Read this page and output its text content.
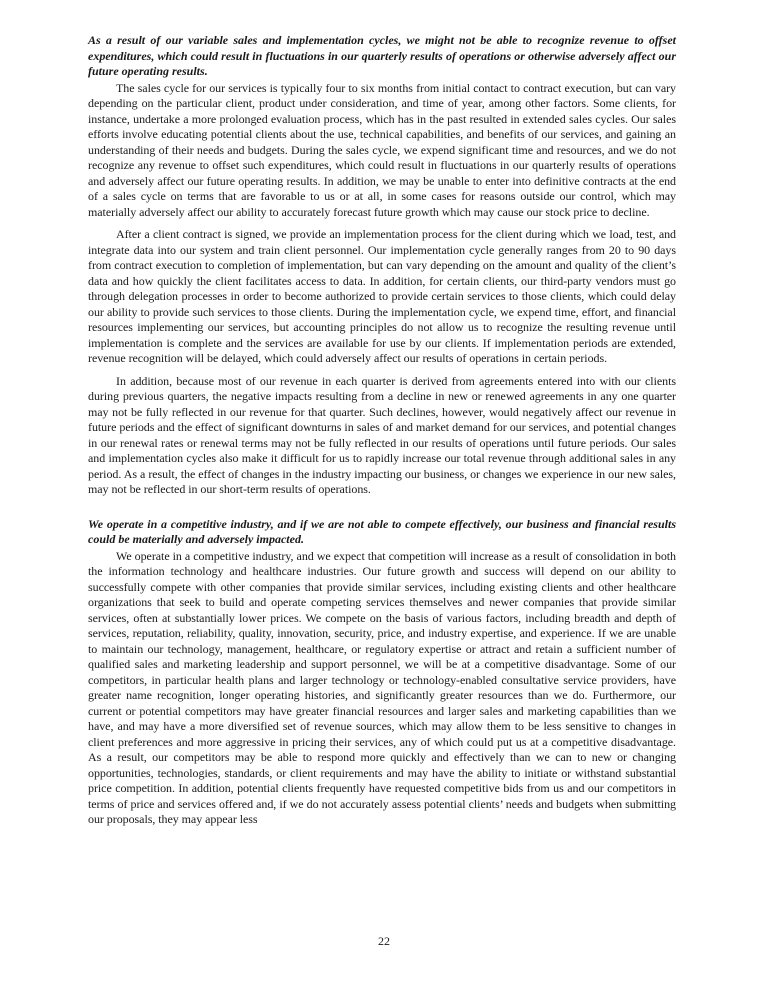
As a result of our variable sales and implementation cycles, we might not be able to recognize revenue to offset expenditures, which could result in fluctuations in our quarterly results of operations or otherwise adversely affect our future operating results.

The sales cycle for our services is typically four to six months from initial contact to contract execution, but can vary depending on the particular client, product under consideration, and time of year, among other factors. Some clients, for instance, undertake a more prolonged evaluation process, which has in the past resulted in extended sales cycles. Our sales efforts involve educating potential clients about the use, technical capabilities, and benefits of our services, and gaining an understanding of their needs and budgets. During the sales cycle, we expend significant time and resources, and we do not recognize any revenue to offset such expenditures, which could result in fluctuations in our quarterly results of operations and adversely affect our future operating results. In addition, we may be unable to enter into definitive contracts at the end of a sales cycle on terms that are favorable to us or at all, in some cases for reasons outside our control, which may materially adversely affect our ability to accurately forecast future growth which may cause our stock price to decline.

After a client contract is signed, we provide an implementation process for the client during which we load, test, and integrate data into our system and train client personnel. Our implementation cycle generally ranges from 20 to 90 days from contract execution to completion of implementation, but can vary depending on the amount and quality of the client’s data and how quickly the client facilitates access to data. In addition, for certain clients, our third-party vendors must go through delegation processes in order to become authorized to provide certain services to those clients, which could delay our ability to provide such services to those clients. During the implementation cycle, we expend time, effort, and financial resources implementing our services, but accounting principles do not allow us to recognize the resulting revenue until implementation is complete and the services are available for use by our clients. If implementation periods are extended, revenue recognition will be delayed, which could adversely affect our results of operations in certain periods.

In addition, because most of our revenue in each quarter is derived from agreements entered into with our clients during previous quarters, the negative impacts resulting from a decline in new or renewed agreements in any one quarter may not be fully reflected in our revenue for that quarter. Such declines, however, would negatively affect our revenue in future periods and the effect of significant downturns in sales of and market demand for our services, and potential changes in our renewal rates or renewal terms may not be fully reflected in our results of operations until future periods. Our sales and implementation cycles also make it difficult for us to rapidly increase our total revenue through additional sales in any period. As a result, the effect of changes in the industry impacting our business, or changes we experience in our new sales, may not be reflected in our short-term results of operations.

We operate in a competitive industry, and if we are not able to compete effectively, our business and financial results could be materially and adversely impacted.

We operate in a competitive industry, and we expect that competition will increase as a result of consolidation in both the information technology and healthcare industries. Our future growth and success will depend on our ability to successfully compete with other companies that provide similar services, including existing clients and other healthcare organizations that seek to build and operate competing services themselves and newer companies that provide similar services, often at substantially lower prices. We compete on the basis of various factors, including breadth and depth of services, reputation, reliability, quality, innovation, security, price, and industry expertise, and experience. If we are unable to maintain our technology, management, healthcare, or regulatory expertise or attract and retain a sufficient number of qualified sales and marketing leadership and support personnel, we will be at a competitive disadvantage. Some of our competitors, in particular health plans and larger technology or technology-enabled consultative service providers, have greater name recognition, longer operating histories, and significantly greater resources than we do. Furthermore, our current or potential competitors may have greater financial resources and larger sales and marketing capabilities than we have, and may have a more diversified set of revenue sources, which may allow them to be less sensitive to changes in client preferences and more aggressive in pricing their services, any of which could put us at a competitive disadvantage. As a result, our competitors may be able to respond more quickly and effectively than we can to new or changing opportunities, technologies, standards, or client requirements and may have the ability to initiate or withstand substantial price competition. In addition, potential clients frequently have requested competitive bids from us and our competitors in terms of price and services offered and, if we do not accurately assess potential clients’ needs and budgets when submitting our proposals, they may appear less

22
